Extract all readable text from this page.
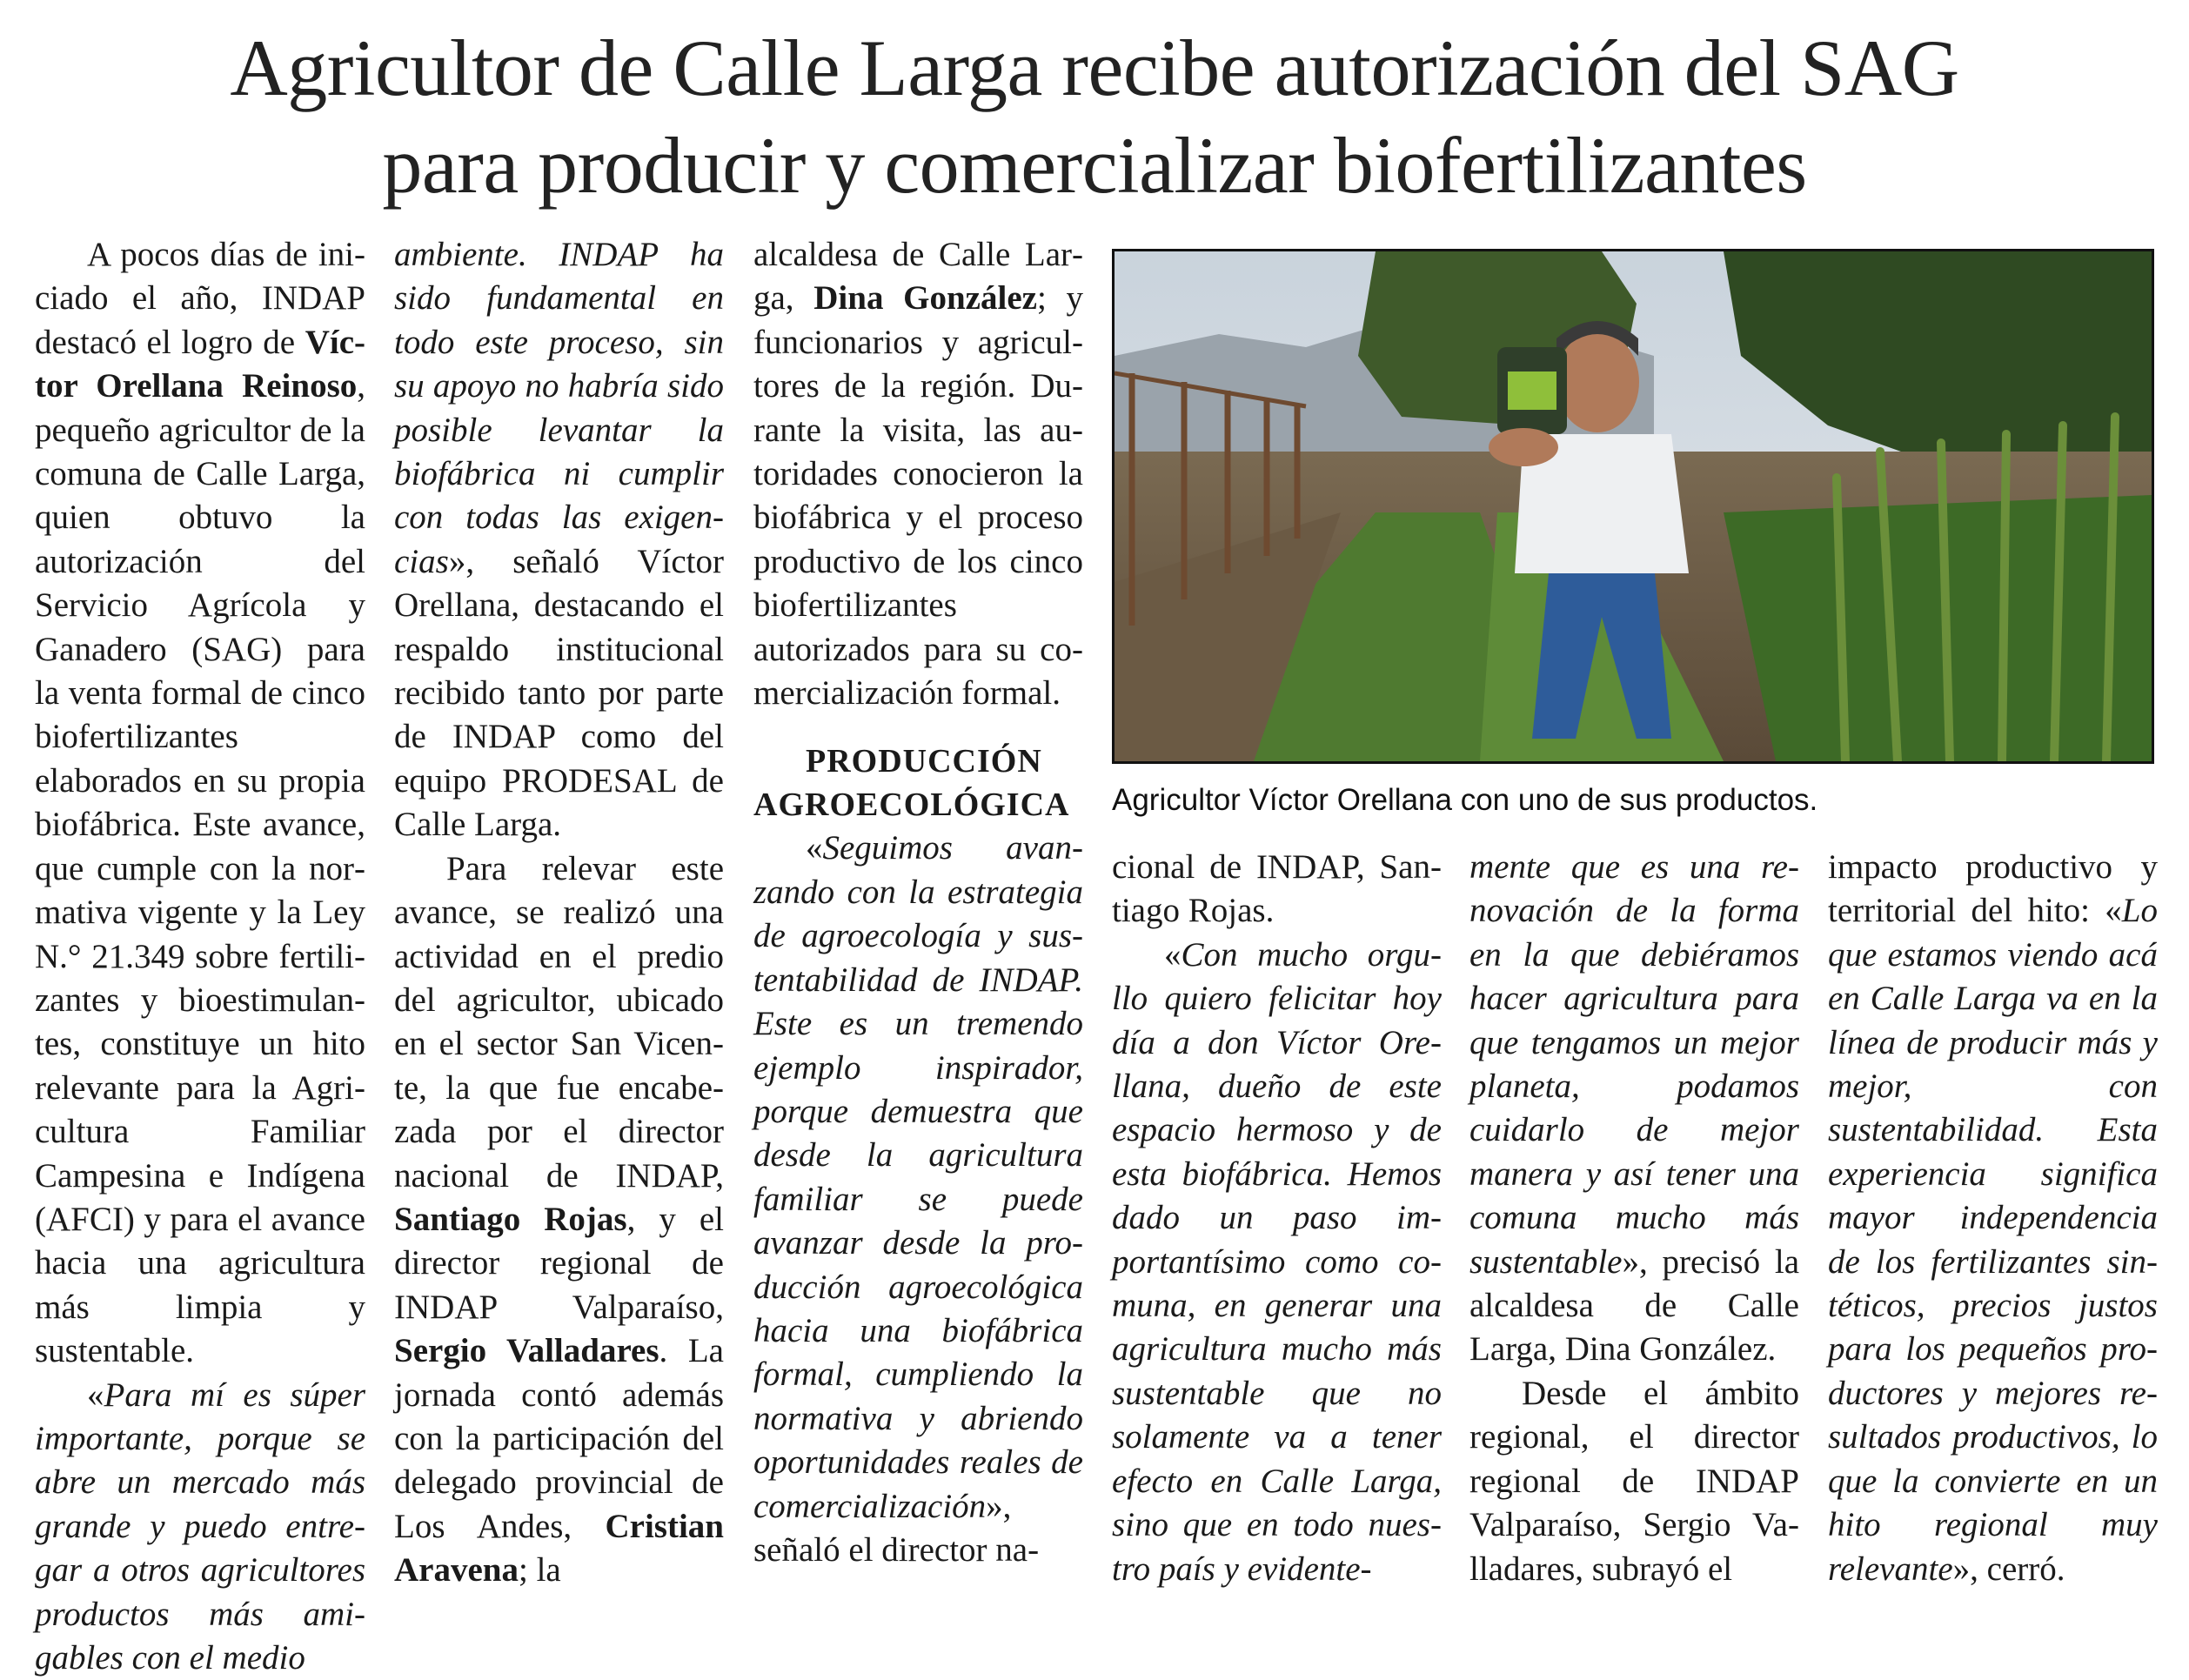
Agricultor de Calle Larga recibe autorización del SAG
para producir y comercializar biofertilizantes

A pocos días de iniciado el año, INDAP destacó el logro de Víctor Orellana Reinoso, pequeño agricultor de la comuna de Calle Larga, quien obtuvo la autorización del Servicio Agrícola y Ganadero (SAG) para la venta formal de cinco biofertilizantes elaborados en su propia biofábrica. Este avance, que cumple con la normativa vigente y la Ley N.° 21.349 sobre fertilizantes y bioestimulantes, constituye un hito relevante para la Agricultura Familiar Campesina e Indígena (AFCI) y para el avance hacia una agricultura más limpia y sustentable.

«Para mí es súper importante, porque se abre un mercado más grande y puedo entregar a otros agricultores productos más amigables con el medio

ambiente. INDAP ha sido fundamental en todo este proceso, sin su apoyo no habría sido posible levantar la biofábrica ni cumplir con todas las exigencias», señaló Víctor Orellana, destacando el respaldo institucional recibido tanto por parte de INDAP como del equipo PRODESAL de Calle Larga.

Para relevar este avance, se realizó una actividad en el predio del agricultor, ubicado en el sector San Vicente, la que fue encabezada por el director nacional de INDAP, Santiago Rojas, y el director regional de INDAP Valparaíso, Sergio Valladares. La jornada contó además con la participación del delegado provincial de Los Andes, Cristian Aravena; la

alcaldesa de Calle Larga, Dina González; y funcionarios y agricultores de la región. Durante la visita, las autoridades conocieron la biofábrica y el proceso productivo de los cinco biofertilizantes autorizados para su comercialización formal.

PRODUCCIÓN AGROECOLÓGICA

«Seguimos avanzando con la estrategia de agroecología y sustentabilidad de INDAP. Este es un tremendo ejemplo inspirador, porque demuestra que desde la agricultura familiar se puede avanzar desde la producción agroecológica hacia una biofábrica formal, cumpliendo la normativa y abriendo oportunidades reales de comercialización», señaló el director na-

Agricultor Víctor Orellana con uno de sus productos.

cional de INDAP, Santiago Rojas.

«Con mucho orgullo quiero felicitar hoy día a don Víctor Orellana, dueño de este espacio hermoso y de esta biofábrica. Hemos dado un paso importantísimo como comuna, en generar una agricultura mucho más sustentable que no solamente va a tener efecto en Calle Larga, sino que en todo nuestro país y evidente-

mente que es una renovación de la forma en la que debiéramos hacer agricultura para que tengamos un mejor planeta, podamos cuidarlo de mejor manera y así tener una comuna mucho más sustentable», precisó la alcaldesa de Calle Larga, Dina González.

Desde el ámbito regional, el director regional de INDAP Valparaíso, Sergio Valladares, subrayó el

impacto productivo y territorial del hito: «Lo que estamos viendo acá en Calle Larga va en la línea de producir más y mejor, con sustentabilidad. Esta experiencia significa mayor independencia de los fertilizantes sintéticos, precios justos para los pequeños productores y mejores resultados productivos, lo que la convierte en un hito regional muy relevante», cerró.
